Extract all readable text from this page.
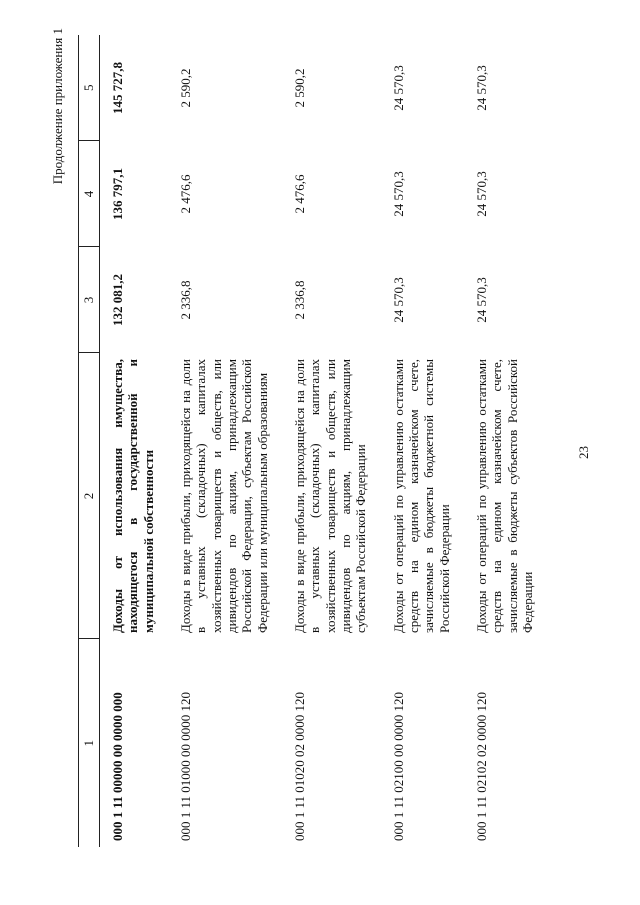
Продолжение приложения 1
1	2	3	4	5
000 1 11 00000 00 0000 000	Доходы от использования имущества, находящегося в государственной и муниципальной собственности	132 081,2	136 797,1	145 727,8
000 1 11 01000 00 0000 120	Доходы в виде прибыли, приходящейся на доли в уставных (складочных) капиталах хозяйственных товариществ и обществ, или дивидендов по акциям, принадлежащим Российской Федерации, субъектам Российской Федерации или муниципальным образованиям	2 336,8	2 476,6	2 590,2
000 1 11 01020 02 0000 120	Доходы в виде прибыли, приходящейся на доли в уставных (складочных) капиталах хозяйственных товариществ и обществ, или дивидендов по акциям, принадлежащим субъектам Российской Федерации	2 336,8	2 476,6	2 590,2
000 1 11 02100 00 0000 120	Доходы от операций по управлению остатками средств на едином казначейском счете, зачисляемые в бюджеты бюджетной системы Российской Федерации	24 570,3	24 570,3	24 570,3
000 1 11 02102 02 0000 120	Доходы от операций по управлению остатками средств на едином казначейском счете, зачисляемые в бюджеты субъектов Российской Федерации	24 570,3	24 570,3	24 570,3
23
